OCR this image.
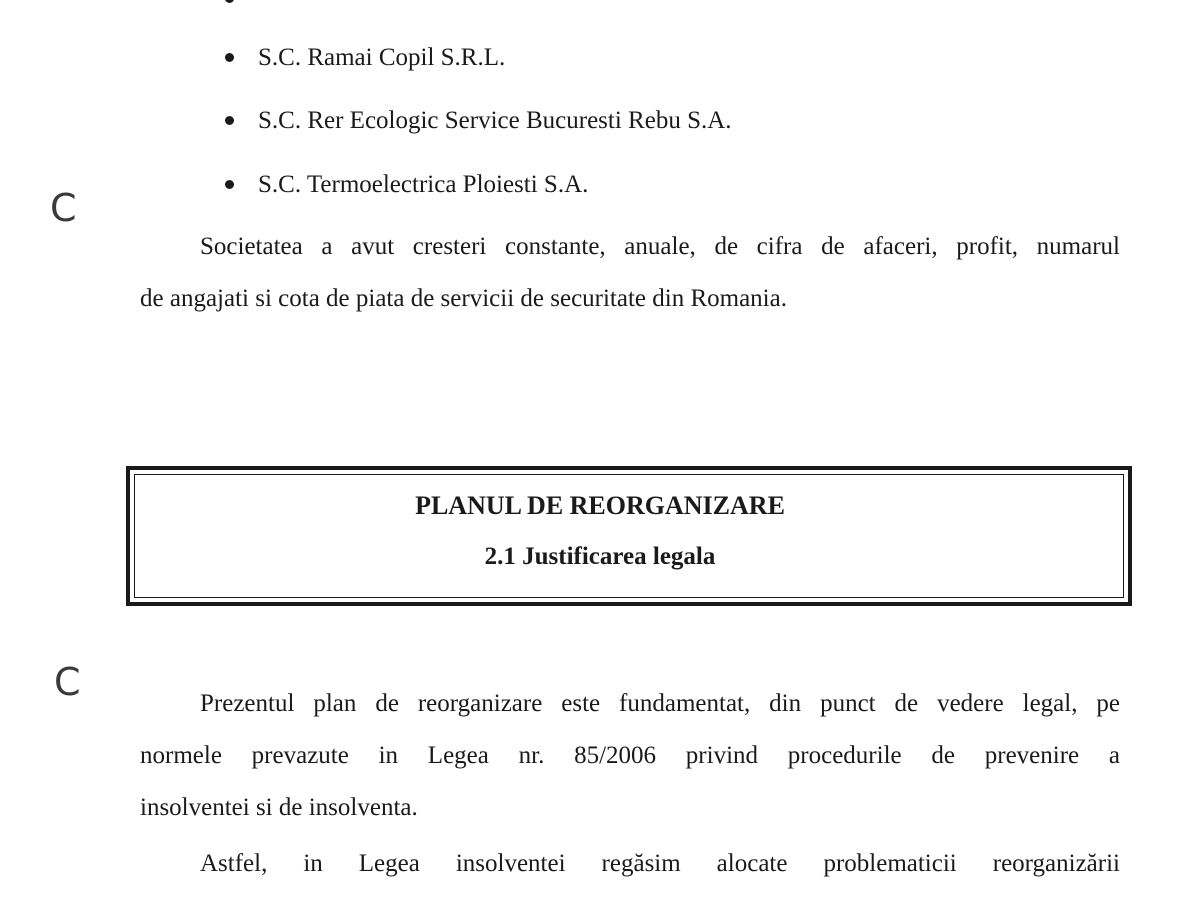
S.C. Ramai Copil S.R.L.
S.C. Rer Ecologic Service Bucuresti Rebu S.A.
S.C. Termoelectrica Ploiesti S.A.
C
Societatea a avut cresteri constante, anuale, de cifra de afaceri, profit, numarul
de angajati si cota de piata de servicii de securitate din Romania.
PLANUL DE REORGANIZARE
2.1 Justificarea legala
C	Prezentul plan de reorganizare este fundamentat, din punct de vedere legal, pe
normele prevazute in Legea nr. 85/2006 privind procedurile de prevenire a
insolventei si de insolventa.
Astfel, in Legea insolventei regăsim alocate problematicii reorganizării
